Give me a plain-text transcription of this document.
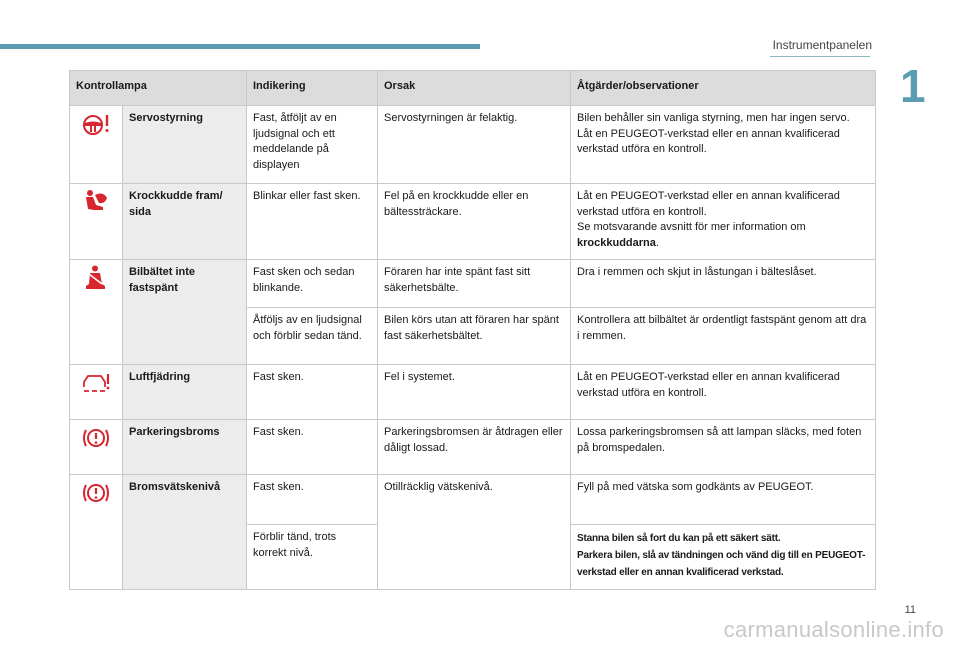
Instrumentpanelen
1
Kontrollampa		Indikering	Orsak	Åtgärder/observationer
	Servostyrning	Fast, åtföljt av en ljudsignal och ett meddelande på displayen	Servostyrningen är felaktig.	Bilen behåller sin vanliga styrning, men har ingen servo.
Låt en PEUGEOT-verkstad eller en annan kvalificerad verkstad utföra en kontroll.
	Krockkudde fram/ sida	Blinkar eller fast sken.	Fel på en krockkudde eller en bältessträckare.	Låt en PEUGEOT-verkstad eller en annan kvalificerad verkstad utföra en kontroll.
Se motsvarande avsnitt för mer information om krockkuddarna.
	Bilbältet inte fastspänt	Fast sken och sedan blinkande.	Föraren har inte spänt fast sitt säkerhetsbälte.	Dra i remmen och skjut in låstungan i bälteslåset.
		Åtföljs av en ljudsignal och förblir sedan tänd.	Bilen körs utan att föraren har spänt fast säkerhetsbältet.	Kontrollera att bilbältet är ordentligt fastspänt genom att dra i remmen.
	Luftfjädring	Fast sken.	Fel i systemet.	Låt en PEUGEOT-verkstad eller en annan kvalificerad verkstad utföra en kontroll.
	Parkeringsbroms	Fast sken.	Parkeringsbromsen är åtdragen eller dåligt lossad.	Lossa parkeringsbromsen så att lampan släcks, med foten på bromspedalen.
	Bromsvätskenivå	Fast sken.	Otillräcklig vätskenivå.	Fyll på med vätska som godkänts av PEUGEOT.
		Förblir tänd, trots korrekt nivå.		Stanna bilen så fort du kan på ett säkert sätt.
Parkera bilen, slå av tändningen och vänd dig till en PEUGEOT-verkstad eller en annan kvalificerad verkstad.
11
carmanualsonline.info
